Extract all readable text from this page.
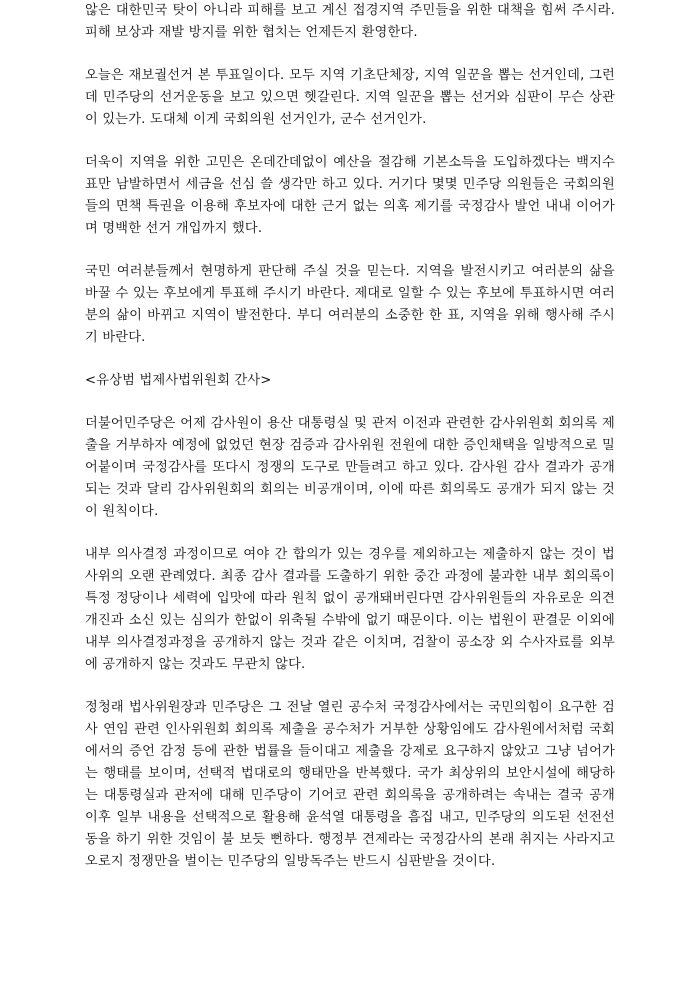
않은 대한민국 탓이 아니라 피해를 보고 계신 접경지역 주민들을 위한 대책을 힘써 주시라. 피해 보상과 재발 방지를 위한 협치는 언제든지 환영한다.

오늘은 재보궐선거 본 투표일이다. 모두 지역 기초단체장, 지역 일꾼을 뽑는 선거인데, 그런데 민주당의 선거운동을 보고 있으면 헷갈린다. 지역 일꾼을 뽑는 선거와 심판이 무슨 상관이 있는가. 도대체 이게 국회의원 선거인가, 군수 선거인가.

더욱이 지역을 위한 고민은 온데간데없이 예산을 절감해 기본소득을 도입하겠다는 백지수표만 남발하면서 세금을 선심 쓸 생각만 하고 있다. 거기다 몇몇 민주당 의원들은 국회의원들의 면책 특권을 이용해 후보자에 대한 근거 없는 의혹 제기를 국정감사 발언 내내 이어가며 명백한 선거 개입까지 했다.

국민 여러분들께서 현명하게 판단해 주실 것을 믿는다. 지역을 발전시키고 여러분의 삶을 바꿀 수 있는 후보에게 투표해 주시기 바란다. 제대로 일할 수 있는 후보에 투표하시면 여러분의 삶이 바뀌고 지역이 발전한다. 부디 여러분의 소중한 한 표, 지역을 위해 행사해 주시기 바란다.

<유상범 법제사법위원회 간사>

더불어민주당은 어제 감사원이 용산 대통령실 및 관저 이전과 관련한 감사위원회 회의록 제출을 거부하자 예정에 없었던 현장 검증과 감사위원 전원에 대한 증인채택을 일방적으로 밀어붙이며 국정감사를 또다시 정쟁의 도구로 만들려고 하고 있다. 감사원 감사 결과가 공개되는 것과 달리 감사위원회의 회의는 비공개이며, 이에 따른 회의록도 공개가 되지 않는 것이 원칙이다.

내부 의사결정 과정이므로 여야 간 합의가 있는 경우를 제외하고는 제출하지 않는 것이 법사위의 오랜 관례였다. 최종 감사 결과를 도출하기 위한 중간 과정에 불과한 내부 회의록이 특정 정당이나 세력에 입맛에 따라 원칙 없이 공개돼버린다면 감사위원들의 자유로운 의견 개진과 소신 있는 심의가 한없이 위축될 수밖에 없기 때문이다. 이는 법원이 판결문 이외에 내부 의사결정과정을 공개하지 않는 것과 같은 이치며, 검찰이 공소장 외 수사자료를 외부에 공개하지 않는 것과도 무관치 않다.

정청래 법사위원장과 민주당은 그 전날 열린 공수처 국정감사에서는 국민의힘이 요구한 검사 연임 관련 인사위원회 회의록 제출을 공수처가 거부한 상황임에도 감사원에서처럼 국회에서의 증언 감정 등에 관한 법률을 들이대고 제출을 강제로 요구하지 않았고 그냥 넘어가는 행태를 보이며, 선택적 법대로의 행태만을 반복했다. 국가 최상위의 보안시설에 해당하는 대통령실과 관저에 대해 민주당이 기어코 관련 회의록을 공개하려는 속내는 결국 공개 이후 일부 내용을 선택적으로 활용해 윤석열 대통령을 흠집 내고, 민주당의 의도된 선전선동을 하기 위한 것임이 불 보듯 뻔하다. 행정부 견제라는 국정감사의 본래 취지는 사라지고 오로지 정쟁만을 벌이는 민주당의 일방독주는 반드시 심판받을 것이다.
